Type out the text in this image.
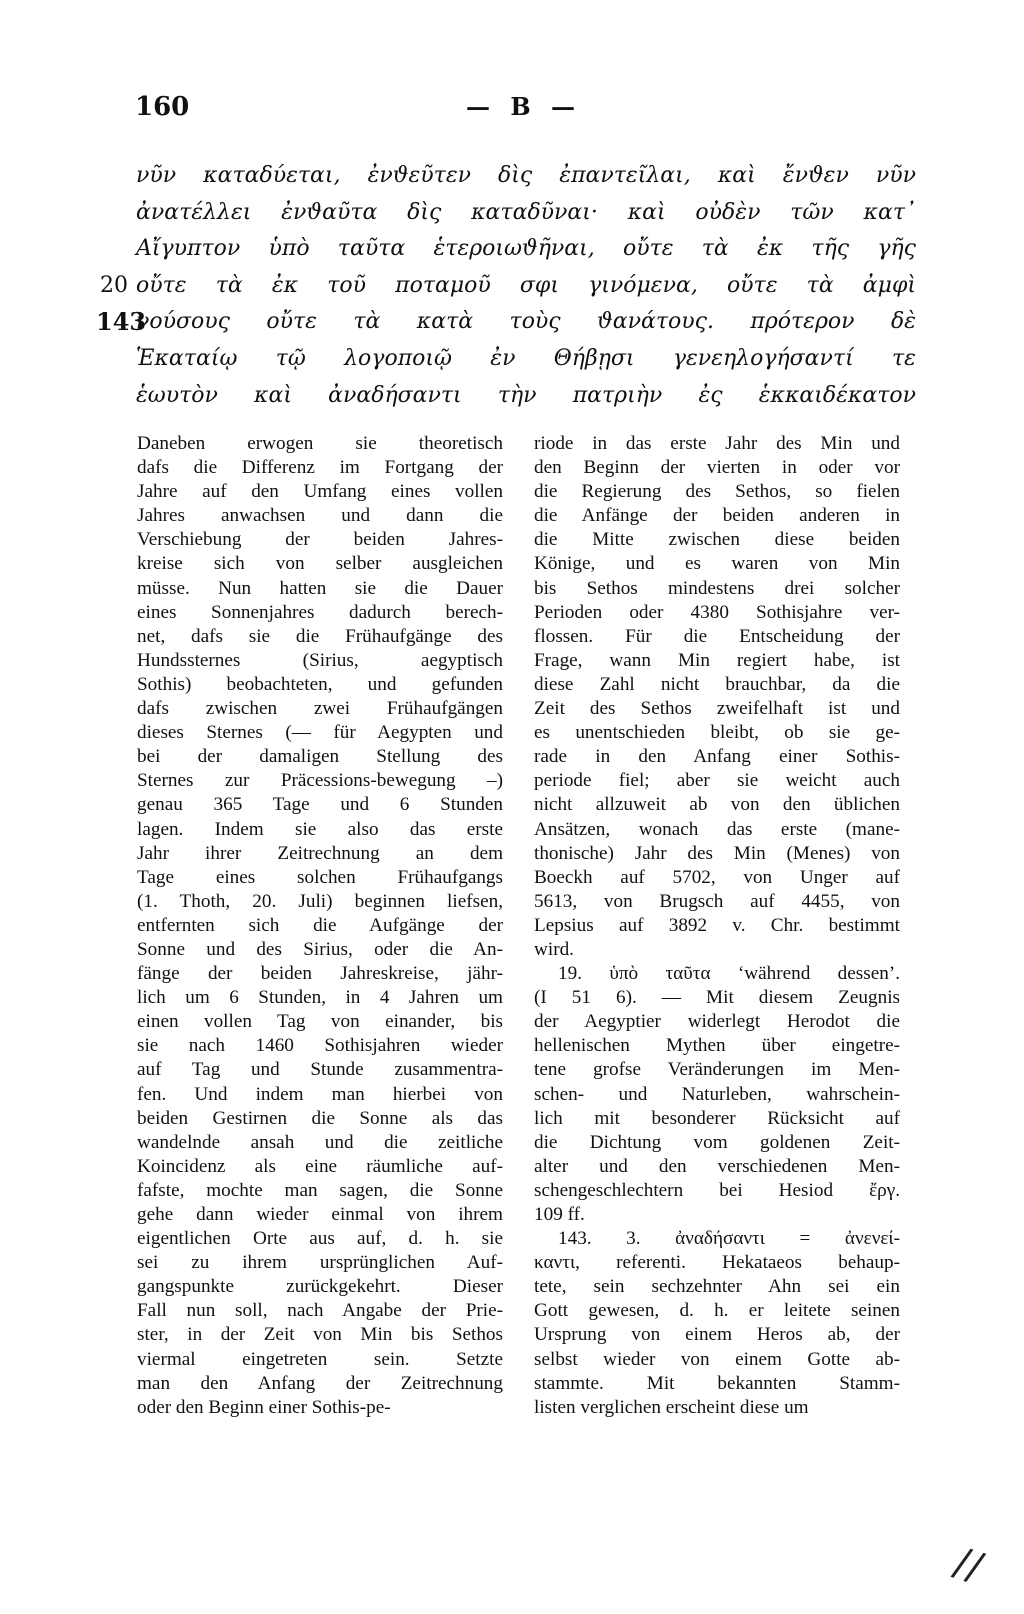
160	— B —
νῦν καταδύεται, ἐνϑεῦτεν δὶς ἐπαντεῖλαι, καὶ ἔνϑεν νῦν
ἀνατέλλει ἐνϑαῦτα δὶς καταδῦναι· καὶ οὐδὲν τῶν κατ᾽
Αἴγυπτον ὑπὸ ταῦτα ἑτεροιωϑῆναι, οὔτε τὰ ἐκ τῆς γῆς
20 οὔτε τὰ ἐκ τοῦ ποταμοῦ σφι γινόμενα, οὔτε τὰ ἀμφὶ
143
νούσους οὔτε τὰ κατὰ τοὺς ϑανάτους. πρότερον δὲ
Ἑκαταίῳ τῷ λογοποιῷ ἐν Θήβῃσι γενεηλογήσαντί τε
ἑωυτὸν καὶ ἀναδήσαντι τὴν πατριὴν ἐς ἑκκαιδέκατον
Daneben erwogen sie theoretisch
dafs die Differenz im Fortgang der
Jahre auf den Umfang eines vollen
Jahres anwachsen und dann die
Verschiebung der beiden Jahres-
kreise sich von selber ausgleichen
müsse. Nun hatten sie die Dauer
eines Sonnenjahres dadurch berech-
net, dafs sie die Frühaufgänge des
Hundssternes (Sirius, aegyptisch
Sothis) beobachteten, und gefunden
dafs zwischen zwei Frühaufgängen
dieses Sternes (— für Aegypten und
bei der damaligen Stellung des
Sternes zur Präcessions-bewegung –)
genau 365 Tage und 6 Stunden
lagen. Indem sie also das erste
Jahr ihrer Zeitrechnung an dem
Tage eines solchen Frühaufgangs
(1. Thoth, 20. Juli) beginnen liefsen,
entfernten sich die Aufgänge der
Sonne und des Sirius, oder die An-
fänge der beiden Jahreskreise, jähr-
lich um 6 Stunden, in 4 Jahren um
einen vollen Tag von einander, bis
sie nach 1460 Sothisjahren wieder
auf Tag und Stunde zusammentra-
fen. Und indem man hierbei von
beiden Gestirnen die Sonne als das
wandelnde ansah und die zeitliche
Koincidenz als eine räumliche auf-
fafste, mochte man sagen, die Sonne
gehe dann wieder einmal von ihrem
eigentlichen Orte aus auf, d. h. sie
sei zu ihrem ursprünglichen Auf-
gangspunkte zurückgekehrt. Dieser
Fall nun soll, nach Angabe der Prie-
ster, in der Zeit von Min bis Sethos
viermal eingetreten sein. Setzte
man den Anfang der Zeitrechnung
oder den Beginn einer Sothis-pe-
riode in das erste Jahr des Min und
den Beginn der vierten in oder vor
die Regierung des Sethos, so fielen
die Anfänge der beiden anderen in
die Mitte zwischen diese beiden
Könige, und es waren von Min
bis Sethos mindestens drei solcher
Perioden oder 4380 Sothisjahre ver-
flossen. Für die Entscheidung der
Frage, wann Min regiert habe, ist
diese Zahl nicht brauchbar, da die
Zeit des Sethos zweifelhaft ist und
es unentschieden bleibt, ob sie ge-
rade in den Anfang einer Sothis-
periode fiel; aber sie weicht auch
nicht allzuweit ab von den üblichen
Ansätzen, wonach das erste (mane-
thonische) Jahr des Min (Menes) von
Boeckh auf 5702, von Unger auf
5613, von Brugsch auf 4455, von
Lepsius auf 3892 v. Chr. bestimmt
wird.
19. ὑπὸ ταῦτα ‘während dessen’.
(I 51 6). — Mit diesem Zeugnis
der Aegyptier widerlegt Herodot die
hellenischen Mythen über eingetre-
tene grofse Veränderungen im Men-
schen- und Naturleben, wahrschein-
lich mit besonderer Rücksicht auf
die Dichtung vom goldenen Zeit-
alter und den verschiedenen Men-
schengeschlechtern bei Hesiod ἔργ.
109 ff.
143. 3. ἀναδήσαντι = ἀνενεί-
καντι, referenti. Hekataeos behaup-
tete, sein sechzehnter Ahn sei ein
Gott gewesen, d. h. er leitete seinen
Ursprung von einem Heros ab, der
selbst wieder von einem Gotte ab-
stammte. Mit bekannten Stamm-
listen verglichen erscheint diese um
//
